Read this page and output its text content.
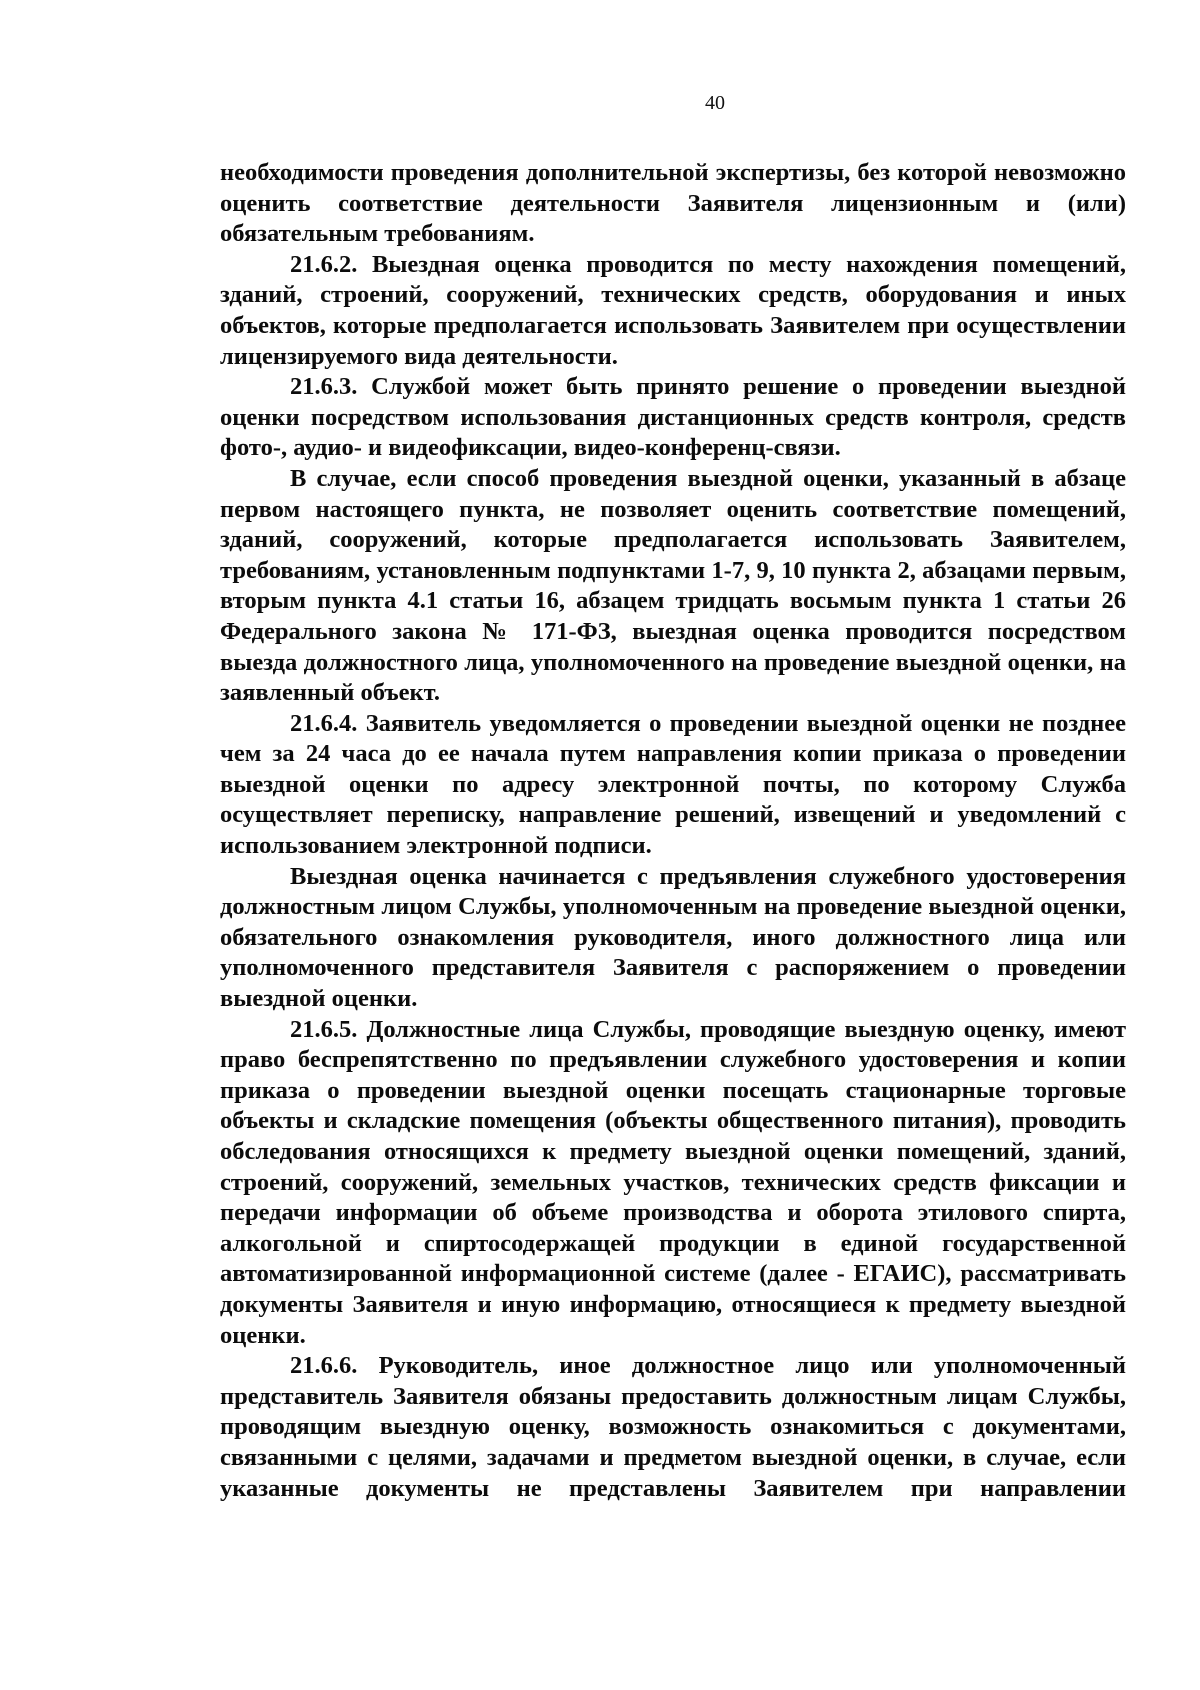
40

необходимости проведения дополнительной экспертизы, без которой невозможно оценить соответствие деятельности Заявителя лицензионным и (или) обязательным требованиям.

21.6.2. Выездная оценка проводится по месту нахождения помещений, зданий, строений, сооружений, технических средств, оборудования и иных объектов, которые предполагается использовать Заявителем при осуществлении лицензируемого вида деятельности.

21.6.3. Службой может быть принято решение о проведении выездной оценки посредством использования дистанционных средств контроля, средств фото-, аудио- и видеофиксации, видео-конференц-связи.

В случае, если способ проведения выездной оценки, указанный в абзаце первом настоящего пункта, не позволяет оценить соответствие помещений, зданий, сооружений, которые предполагается использовать Заявителем, требованиям, установленным подпунктами 1-7, 9, 10 пункта 2, абзацами первым, вторым пункта 4.1 статьи 16, абзацем тридцать восьмым пункта 1 статьи 26 Федерального закона № 171-ФЗ, выездная оценка проводится посредством выезда должностного лица, уполномоченного на проведение выездной оценки, на заявленный объект.

21.6.4. Заявитель уведомляется о проведении выездной оценки не позднее чем за 24 часа до ее начала путем направления копии приказа о проведении выездной оценки по адресу электронной почты, по которому Служба осуществляет переписку, направление решений, извещений и уведомлений с использованием электронной подписи.

Выездная оценка начинается с предъявления служебного удостоверения должностным лицом Службы, уполномоченным на проведение выездной оценки, обязательного ознакомления руководителя, иного должностного лица или уполномоченного представителя Заявителя с распоряжением о проведении выездной оценки.

21.6.5. Должностные лица Службы, проводящие выездную оценку, имеют право беспрепятственно по предъявлении служебного удостоверения и копии приказа о проведении выездной оценки посещать стационарные торговые объекты и складские помещения (объекты общественного питания), проводить обследования относящихся к предмету выездной оценки помещений, зданий, строений, сооружений, земельных участков, технических средств фиксации и передачи информации об объеме производства и оборота этилового спирта, алкогольной и спиртосодержащей продукции в единой государственной автоматизированной информационной системе (далее - ЕГАИС), рассматривать документы Заявителя и иную информацию, относящиеся к предмету выездной оценки.

21.6.6. Руководитель, иное должностное лицо или уполномоченный представитель Заявителя обязаны предоставить должностным лицам Службы, проводящим выездную оценку, возможность ознакомиться с документами, связанными с целями, задачами и предметом выездной оценки, в случае, если указанные документы не представлены Заявителем при направлении
